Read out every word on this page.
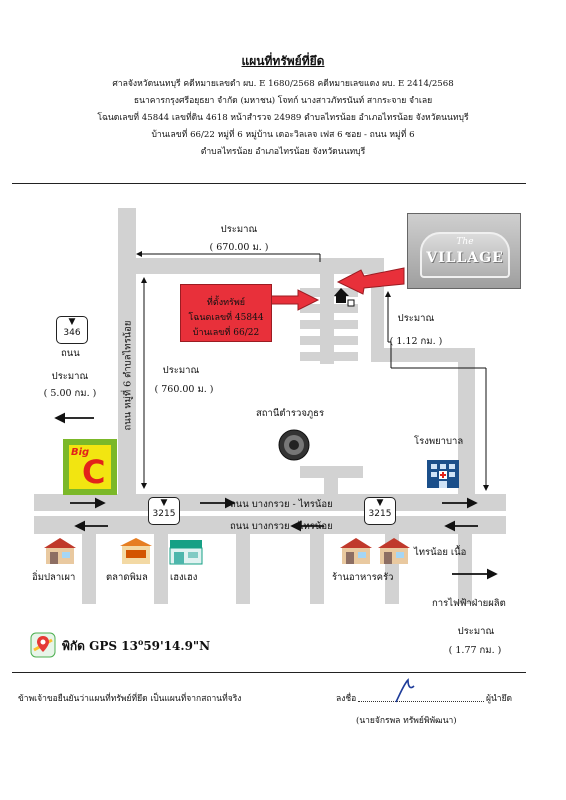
แผนที่ทรัพย์ที่ยึด
ศาลจังหวัดนนทบุรี คดีหมายเลขดำ ผบ. E 1680/2568 คดีหมายเลขแดง ผบ. E 2414/2568
ธนาคารกรุงศรีอยุธยา จำกัด (มหาชน) โจทก์ นางสาวภัทรนันท์ สากระจาย จำเลย
โฉนดเลขที่ 45844 เลขที่ดิน 4618 หน้าสำรวจ 24989 ตำบลไทรน้อย อำเภอไทรน้อย จังหวัดนนทบุรี
บ้านเลขที่ 66/22 หมู่ที่ 6 หมู่บ้าน เดอะวิลเลจ เฟส 6 ซอย - ถนน หมู่ที่ 6
ตำบลไทรน้อย อำเภอไทรน้อย จังหวัดนนทบุรี
ที่ตั้งทรัพย์
โฉนดเลขที่ 45844
บ้านเลขที่ 66/22
The
VILLAGE
ประมาณ
( 670.00 ม. )
ประมาณ
( 1.12 กม. )
ประมาณ
( 760.00 ม. )
ประมาณ
( 5.00 กม. )
ประมาณ
( 1.77 กม. )
ถนน หมู่ที่ 6 ตำบลไทรน้อย
▼
346
ถนน
▼
3215
▼
3215
ถนน บางกรวย - ไทรน้อย
ถนน บางกรวย - ไทรน้อย
Big
C
สถานีตำรวจภูธร
โรงพยาบาล
อิ่มปลาเผา	ตลาดพิมล เฮงเฮง	ร้านอาหารครัว
ไทรน้อย เนื้อ
การไฟฟ้าฝ่ายผลิต
พิกัด GPS 13$^o$59'14.9"N
ข้าพเจ้าขอยืนยันว่าแผนที่ทรัพย์ที่ยึด เป็นแผนที่จากสถานที่จริง	ลงชื่อ	ผู้นำยึด
(นายจักรพล ทรัพย์พิพัฒนา)
